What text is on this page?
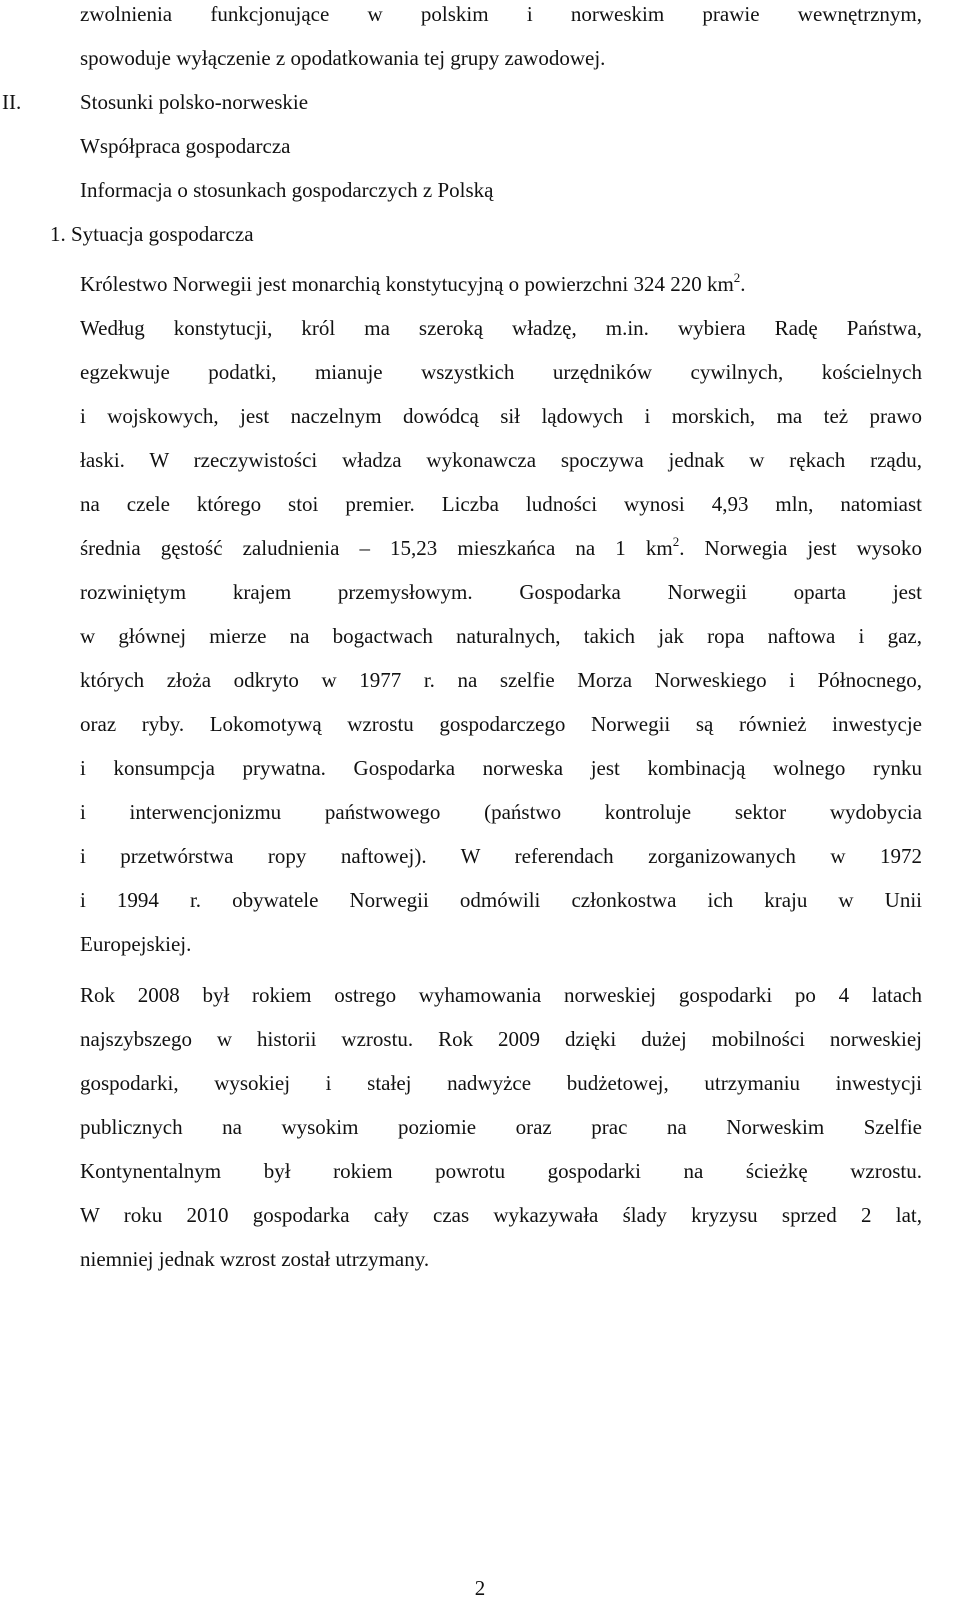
zwolnienia funkcjonujące w polskim i norweskim prawie wewnętrznym,
spowoduje wyłączenie z opodatkowania tej grupy zawodowej.
II.	Stosunki polsko-norweskie
Współpraca gospodarcza
Informacja o stosunkach gospodarczych z Polską
1. Sytuacja gospodarcza
Królestwo Norwegii jest monarchią konstytucyjną o powierzchni 324 220 $km^2$.
Według konstytucji, król ma szeroką władzę, m.in. wybiera Radę Państwa,
egzekwuje podatki, mianuje wszystkich urzędników cywilnych, kościelnych
i wojskowych, jest naczelnym dowódcą sił lądowych i morskich, ma też prawo
łaski. W rzeczywistości władza wykonawcza spoczywa jednak w rękach rządu,
na czele którego stoi premier. Liczba ludności wynosi 4,93 mln, natomiast
średnia gęstość zaludnienia – 15,23 mieszkańca na 1 $km^2$. Norwegia jest wysoko
rozwiniętym krajem przemysłowym. Gospodarka Norwegii oparta jest
w głównej mierze na bogactwach naturalnych, takich jak ropa naftowa i gaz,
których złoża odkryto w 1977 r. na szelfie Morza Norweskiego i Północnego,
oraz ryby. Lokomotywą wzrostu gospodarczego Norwegii są również inwestycje
i konsumpcja prywatna. Gospodarka norweska jest kombinacją wolnego rynku
i interwencjonizmu państwowego (państwo kontroluje sektor wydobycia
i przetwórstwa ropy naftowej). W referendach zorganizowanych w 1972
i 1994 r. obywatele Norwegii odmówili członkostwa ich kraju w Unii
Europejskiej.
Rok 2008 był rokiem ostrego wyhamowania norweskiej gospodarki po 4 latach
najszybszego w historii wzrostu. Rok 2009 dzięki dużej mobilności norweskiej
gospodarki, wysokiej i stałej nadwyżce budżetowej, utrzymaniu inwestycji
publicznych na wysokim poziomie oraz prac na Norweskim Szelfie
Kontynentalnym był rokiem powrotu gospodarki na ścieżkę wzrostu.
W roku 2010 gospodarka cały czas wykazywała ślady kryzysu sprzed 2 lat,
niemniej jednak wzrost został utrzymany.
2
